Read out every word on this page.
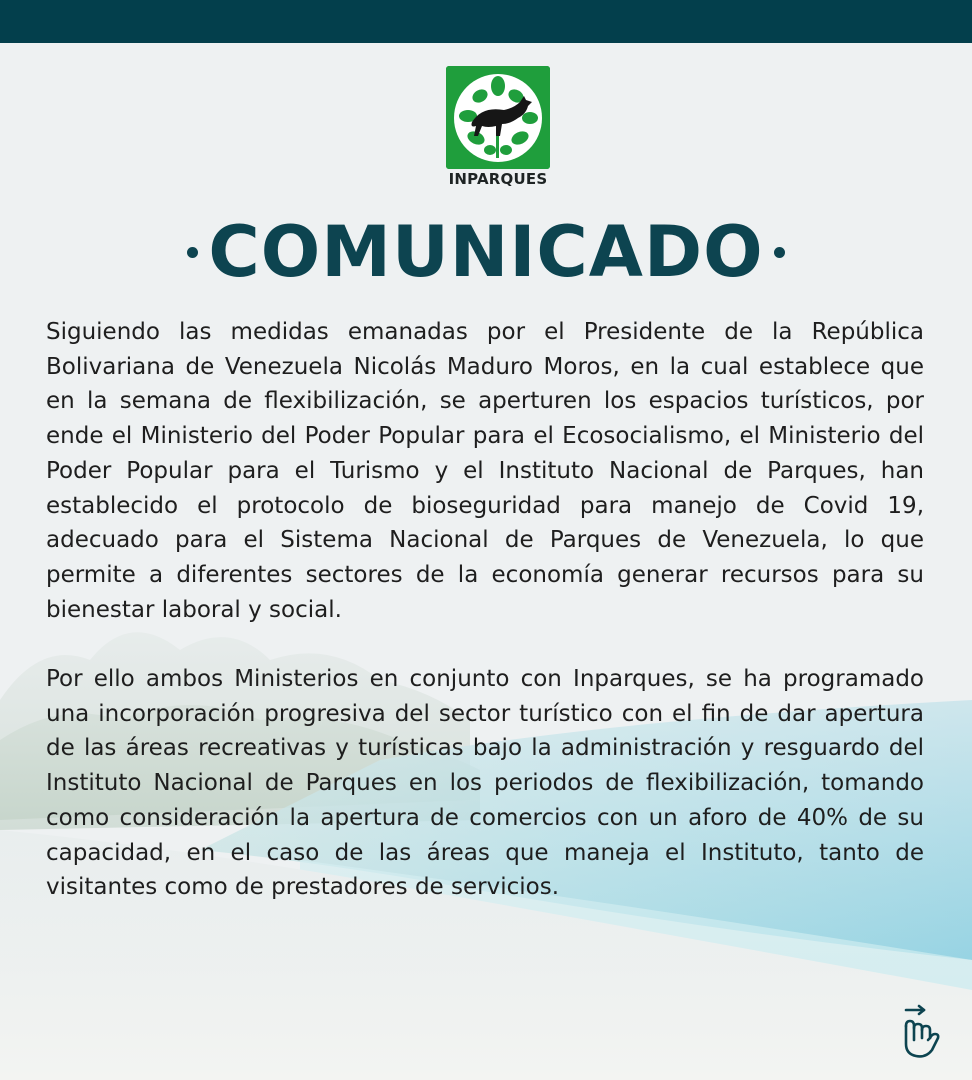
INPARQUES
COMUNICADO

Siguiendo las medidas emanadas por el Presidente de la República Bolivariana de Venezuela Nicolás Maduro Moros, en la cual establece que en la semana de flexibilización, se aperturen los espacios turísticos, por ende el Ministerio del Poder Popular para el Ecosocialismo, el Ministerio del Poder Popular para el Turismo y el Instituto Nacional de Parques, han establecido el protocolo de bioseguridad para manejo de Covid 19, adecuado para el Sistema Nacional de Parques de Venezuela, lo que permite a diferentes sectores de la economía generar recursos para su bienestar laboral y social.

Por ello ambos Ministerios en conjunto con Inparques, se ha programado una incorporación progresiva del sector turístico con el fin de dar apertura de las áreas recreativas y turísticas bajo la administración y resguardo del Instituto Nacional de Parques en los periodos de flexibilización, tomando como consideración la apertura de comercios con un aforo de 40% de su capacidad, en el caso de las áreas que maneja el Instituto, tanto de visitantes como de prestadores de servicios.
